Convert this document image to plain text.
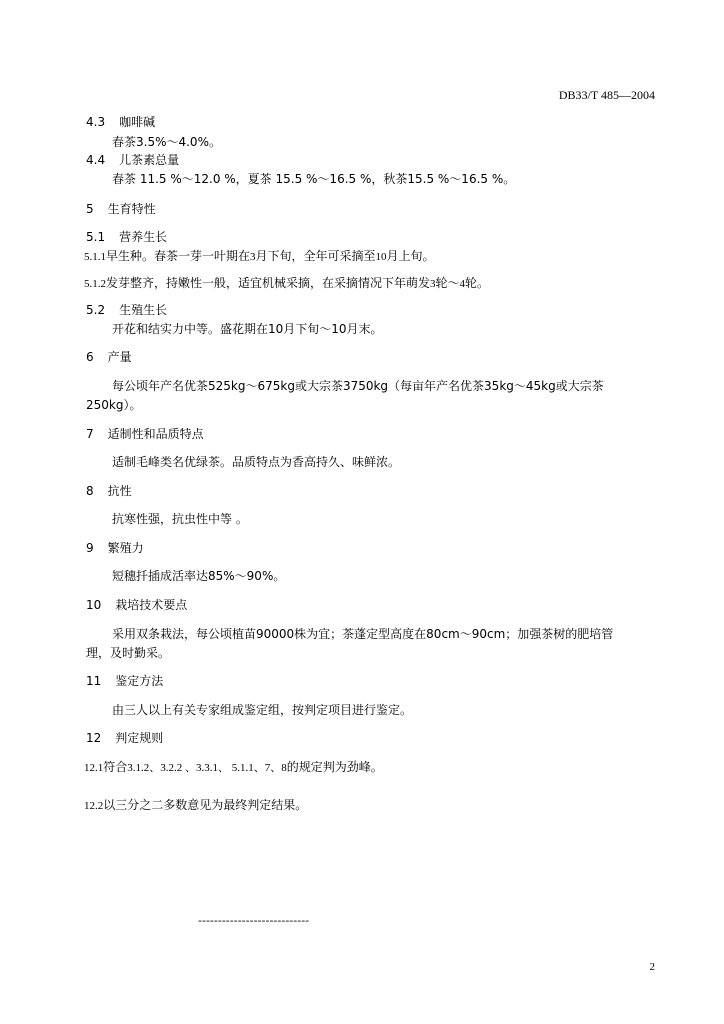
DB33/T 485—2004
4.3 咖啡碱
春茶3.5%～4.0%。
4.4 儿茶素总量
春茶 11.5 %～12.0 %，夏茶 15.5 %～16.5 %，秋茶15.5 %～16.5 %。
5 生育特性
5.1 营养生长
5.1.1早生种。春茶一芽一叶期在3月下旬，全年可采摘至10月上旬。
5.1.2发芽整齐，持嫩性一般，适宜机械采摘，在采摘情况下年萌发3轮～4轮。
5.2 生殖生长
开花和结实力中等。盛花期在10月下旬～10月末。
6 产量
每公顷年产名优茶525kg～675kg或大宗茶3750kg（每亩年产名优茶35kg～45kg或大宗茶
250kg）。
7 适制性和品质特点
适制毛峰类名优绿茶。品质特点为香高持久、味鲜浓。
8 抗性
抗寒性强，抗虫性中等 。
9 繁殖力
短穗扦插成活率达85%～90%。
10 栽培技术要点
采用双条栽法，每公顷植苗90000株为宜；茶蓬定型高度在80cm～90cm；加强茶树的肥培管
理，及时勤采。
11 鉴定方法
由三人以上有关专家组成鉴定组，按判定项目进行鉴定。
12 判定规则
12.1符合3.1.2、3.2.2 、3.3.1、 5.1.1、7、8的规定判为劲峰。
12.2以三分之二多数意见为最终判定结果。
----------------------------
2
